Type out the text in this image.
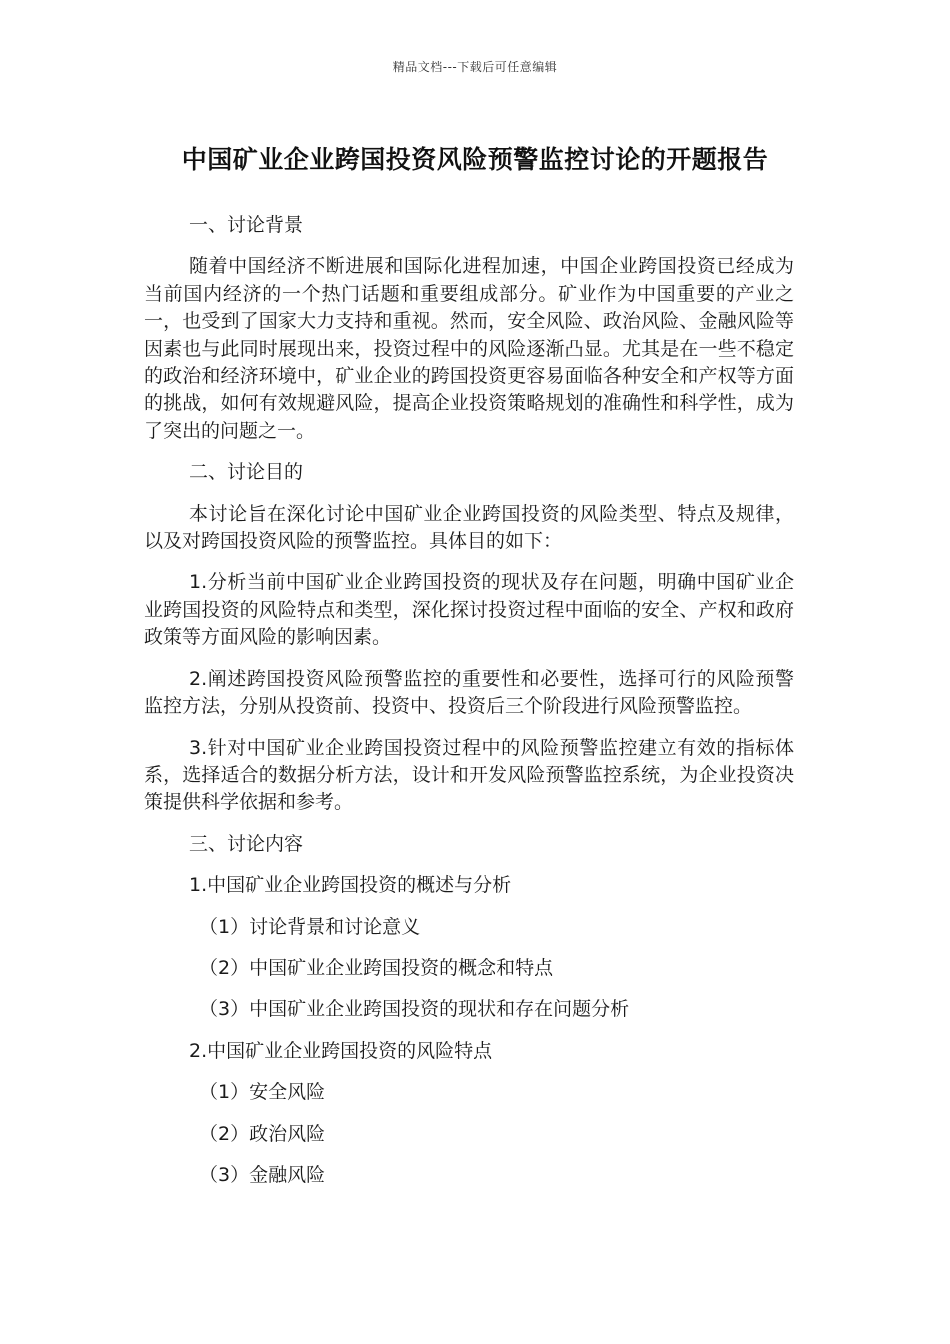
精品文档---下载后可任意编辑
中国矿业企业跨国投资风险预警监控讨论的开题报告

一、讨论背景

随着中国经济不断进展和国际化进程加速，中国企业跨国投资已经成为当前国内经济的一个热门话题和重要组成部分。矿业作为中国重要的产业之一，也受到了国家大力支持和重视。然而，安全风险、政治风险、金融风险等因素也与此同时展现出来，投资过程中的风险逐渐凸显。尤其是在一些不稳定的政治和经济环境中，矿业企业的跨国投资更容易面临各种安全和产权等方面的挑战，如何有效规避风险，提高企业投资策略规划的准确性和科学性，成为了突出的问题之一。

二、讨论目的

本讨论旨在深化讨论中国矿业企业跨国投资的风险类型、特点及规律，以及对跨国投资风险的预警监控。具体目的如下：

1.分析当前中国矿业企业跨国投资的现状及存在问题，明确中国矿业企业跨国投资的风险特点和类型，深化探讨投资过程中面临的安全、产权和政府政策等方面风险的影响因素。

2.阐述跨国投资风险预警监控的重要性和必要性，选择可行的风险预警监控方法，分别从投资前、投资中、投资后三个阶段进行风险预警监控。

3.针对中国矿业企业跨国投资过程中的风险预警监控建立有效的指标体系，选择适合的数据分析方法，设计和开发风险预警监控系统，为企业投资决策提供科学依据和参考。

三、讨论内容

1.中国矿业企业跨国投资的概述与分析

（1）讨论背景和讨论意义

（2）中国矿业企业跨国投资的概念和特点

（3）中国矿业企业跨国投资的现状和存在问题分析

2.中国矿业企业跨国投资的风险特点

（1）安全风险

（2）政治风险

（3）金融风险
